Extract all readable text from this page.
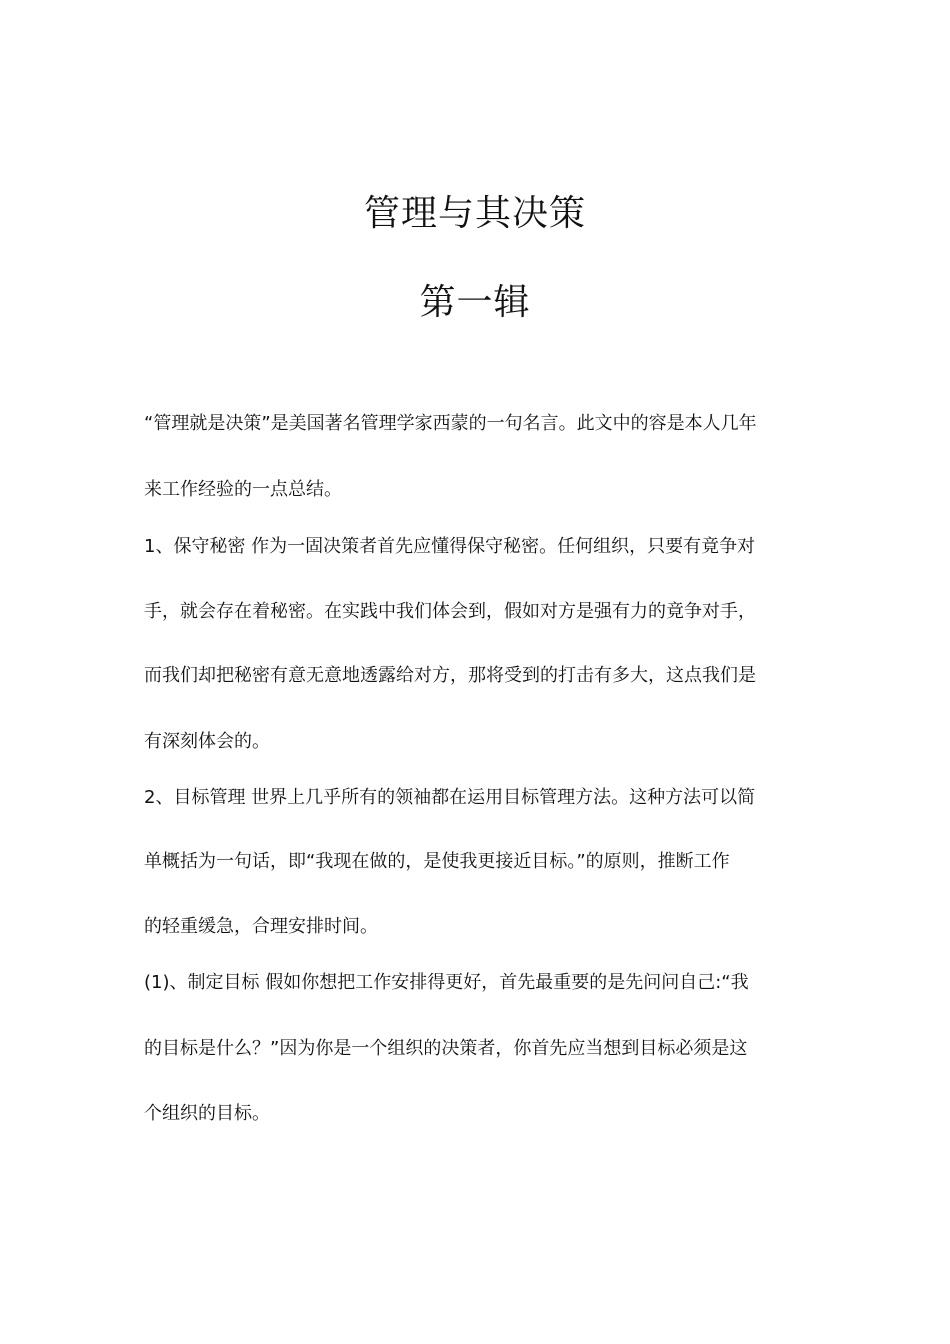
管理与其决策
第一辑
“管理就是决策”是美国著名管理学家西蒙的一句名言。此文中的容是本人几年
来工作经验的一点总结。
1、保守秘密 作为一固决策者首先应懂得保守秘密。任何组织，只要有竟争对
手，就会存在着秘密。在实践中我们体会到，假如对方是强有力的竟争对手，
而我们却把秘密有意无意地透露给对方，那将受到的打击有多大，这点我们是
有深刻体会的。
2、目标管理 世界上几乎所有的领袖都在运用目标管理方法。这种方法可以简
单概括为一句话，即“我现在做的，是使我更接近目标。”的原则，推断工作
的轻重缓急，合理安排时间。
(1)、制定目标 假如你想把工作安排得更好，首先最重要的是先问问自己:“我
的目标是什么？”因为你是一个组织的决策者，你首先应当想到目标必须是这
个组织的目标。
